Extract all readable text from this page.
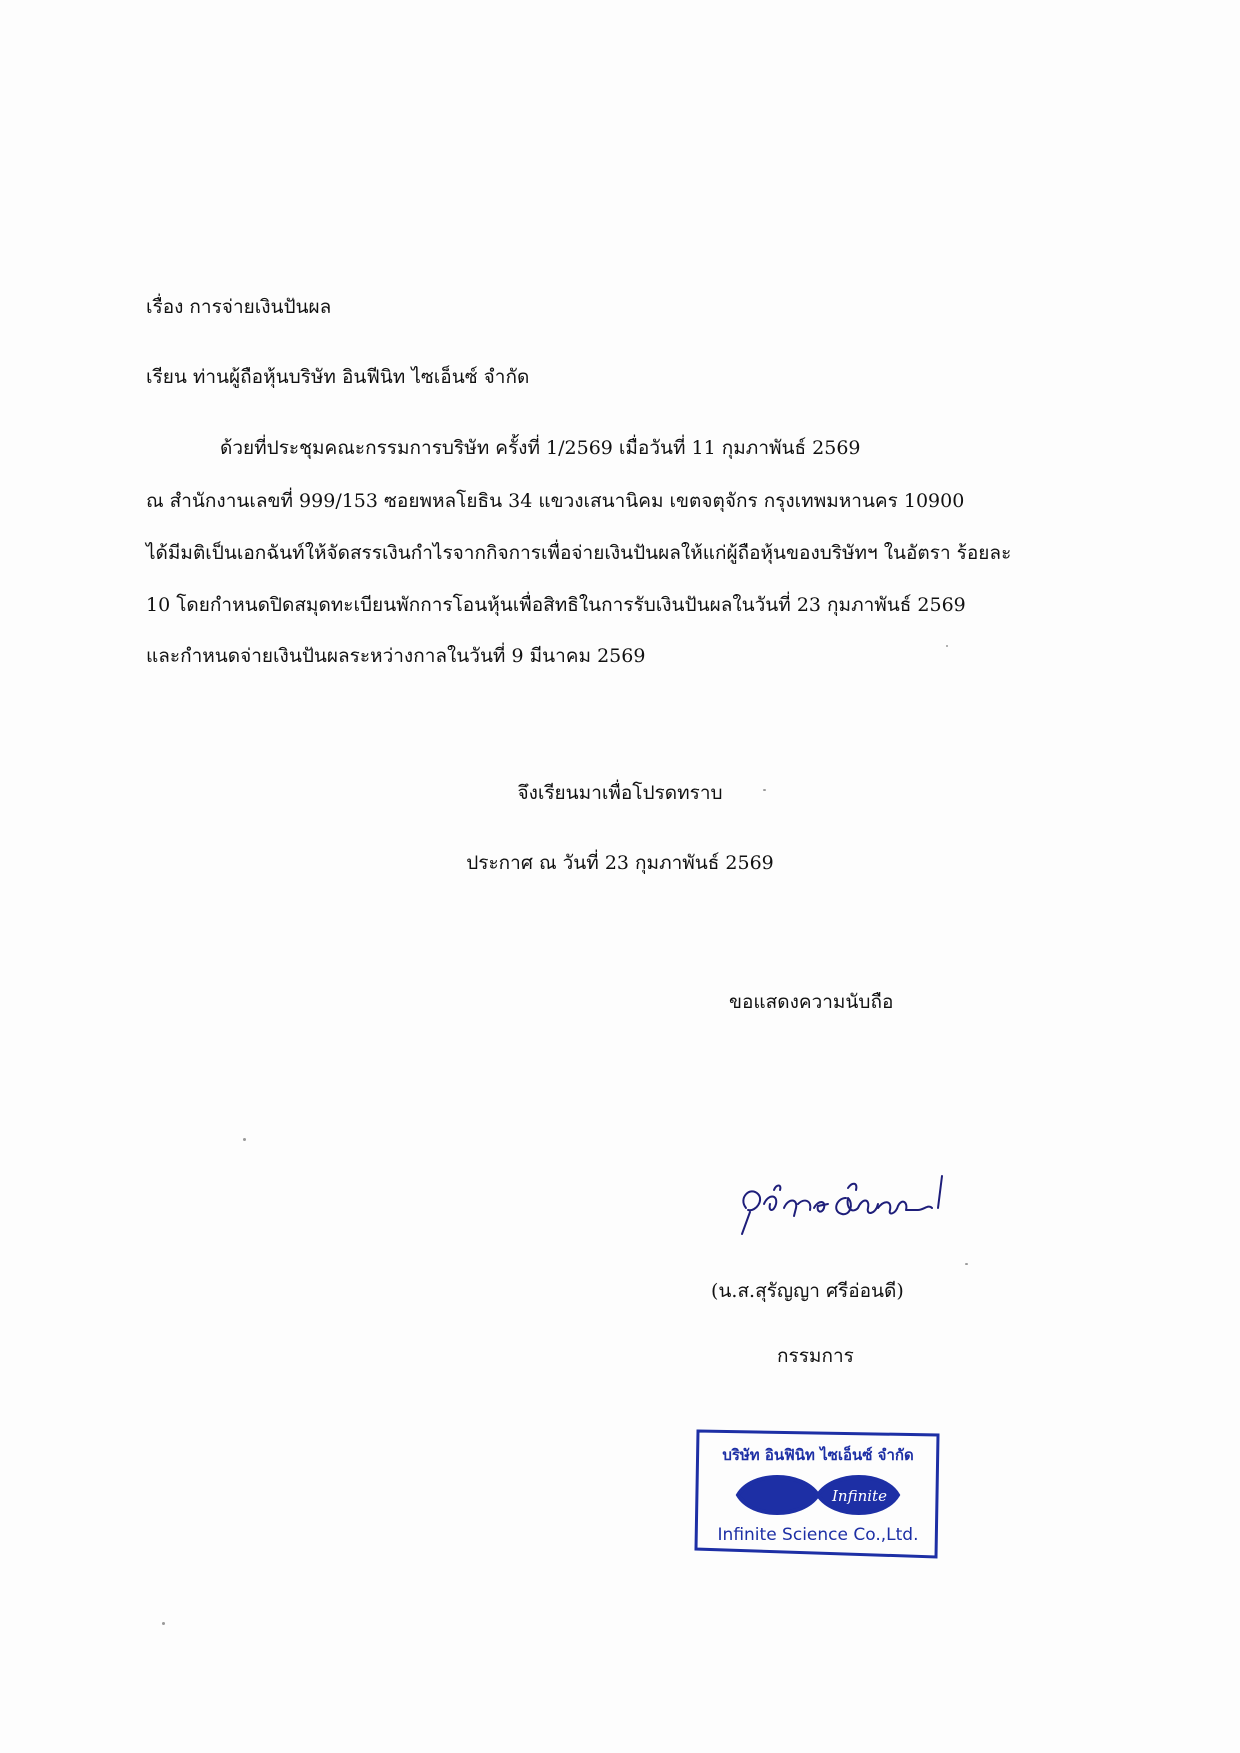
เรื่อง การจ่ายเงินปันผล
เรียน ท่านผู้ถือหุ้นบริษัท อินฟีนิท ไซเอ็นซ์ จำกัด
ด้วยที่ประชุมคณะกรรมการบริษัท ครั้งที่ 1/2569 เมื่อวันที่ 11 กุมภาพันธ์ 2569
ณ สำนักงานเลขที่ 999/153 ซอยพหลโยธิน 34 แขวงเสนานิคม เขตจตุจักร กรุงเทพมหานคร 10900
ได้มีมติเป็นเอกฉันท์ให้จัดสรรเงินกำไรจากกิจการเพื่อจ่ายเงินปันผลให้แก่ผู้ถือหุ้นของบริษัทฯ ในอัตรา ร้อยละ
10 โดยกำหนดปิดสมุดทะเบียนพักการโอนหุ้นเพื่อสิทธิในการรับเงินปันผลในวันที่ 23 กุมภาพันธ์ 2569
และกำหนดจ่ายเงินปันผลระหว่างกาลในวันที่ 9 มีนาคม 2569
จึงเรียนมาเพื่อโปรดทราบ
ประกาศ ณ วันที่ 23 กุมภาพันธ์ 2569
ขอแสดงความนับถือ
(น.ส.สุรัญญา ศรีอ่อนดี)
กรรมการ
Infinite
บริษัท อินฟินิท ไซเอ็นซ์ จำกัด
Infinite Science Co.,Ltd.
